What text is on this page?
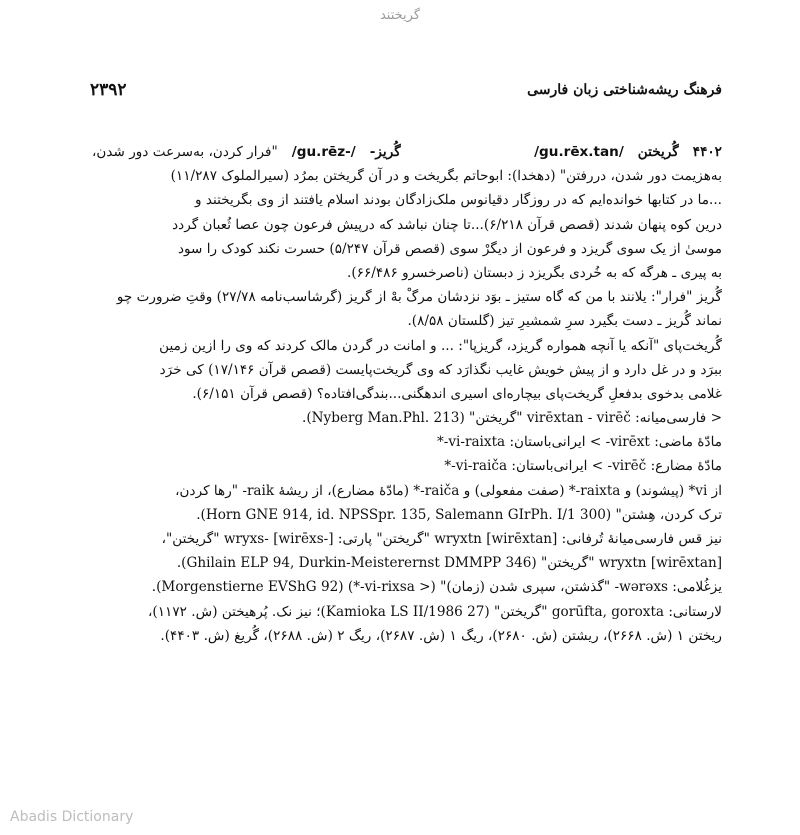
گریختند
فرهنگ ریشه‌شناختی زبان فارسی
۲۳۹۲
۴۴۰۲
گُریختن
/gu.rēx.tan/
گُریز-
/gu.rēz-/
"فرار کردن، به‌سرعت دور شدن،
به‌هزیمت دور شدن، دررفتن" (دهخدا): ابوحاتم بگریخت و در آن گریختن بمرُد (سیرالملوک ۱۱/۲۸۷)
...ما در کتابها خوانده‌ایم که در روزگار دقیانوس ملک‌زادگان بودند اسلام یافتند از وی بگریختند و
درین کوه پنهان شدند (قصص قرآن ۶/۲۱۸)...تا چنان نباشد که درپیش فرعون چون عصا ثُعبان گردد
موسیٰ از یک سوی گریزد و فرعون از دیگرْ سوی (قصص قرآن ۵/۲۴۷) حسرت نکند کودک را سود
به پیری ـ هرگه که به خُردی بگریزد ز دبستان (ناصرخسرو ۶۶/۴۸۶).
گُریز "فرار": یلانند با من که گاه ستیز ـ بوَد نزدشان مرگْ بهْ از گریز (گرشاسب‌نامه ۲۷/۷۸) وقتِ ضرورت چو
نماند گُریز ـ دست بگیرد سرِ شمشیرِ تیز (گلستان ۸/۵۸).
گُریخت‌پای "آنکه یا آنچه همواره گریزد، گریزپا": ... و امانت در گردن مالک کردند که وی را ازین زمین
ببرَد و در غل دارد و از پیش خویش غایب نگذارَد که وی گریخت‌پایست (قصص قرآن ۱۷/۱۴۶) کی خرَد
غلامی بدخوی بدفعلِ گریخت‌پای بیچاره‌ای اسیری اندهگنی...بندگی‌افتاده؟ (قصص قرآن ۶/۱۵۱).
< فارسی‌میانه: virēxtan - virēč "گریختن" (Nyberg Man.Phl. 213).
مادّهٔ ماضی: virēxt- > ایرانی‌باستان: vi-raixta-*
مادّهٔ مضارع: virēč- > ایرانی‌باستان: vi-raiča-*
از vi* (پیشوند) و raixta-* (صفت مفعولی) و raiča-* (مادّهٔ مضارع)، از ریشهٔ raik- "رها کردن،
ترک کردن، هِشتن" (Horn GNE 914, id. NPSSpr. 135, Salemann GIrPh. I/1 300).
نیز قس فارسی‌میانهٔ تُرفانی: wryxtn [wirēxtan] "گریختن" پارتی: wryxs- [wirēxs-] "گریختن"،
wryxtn [wirēxtan] "گریختن" (Ghilain ELP 94, Durkin-Meisterernst DMMPP 346).
یزغُلامی: wərəxs- "گذشتن، سپری شدن (زمان)" (< vi-rixsa-*) (Morgenstierne EVShG 92).
لارستانی: gorūfta, goroxta "گریختن" (Kamioka LS II/1986 27)؛ نیز نک. پُرهیختن (ش. ۱۱۷۲)،
ریختن ۱ (ش. ۲۶۶۸)، ریشتن (ش. ۲۶۸۰)، ریگ ۱ (ش. ۲۶۸۷)، ریگ ۲ (ش. ۲۶۸۸)، گُریغ (ش. ۴۴۰۳).
Abadis Dictionary
